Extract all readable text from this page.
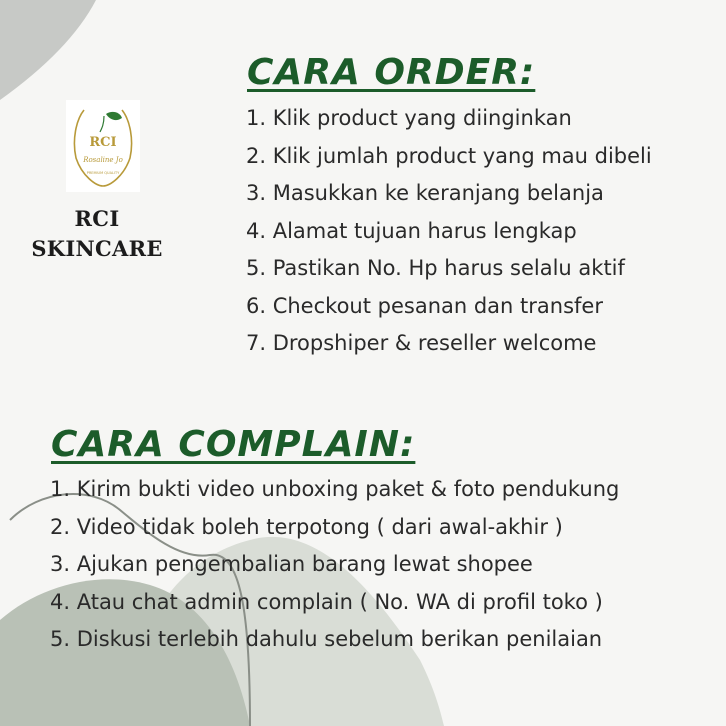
RCI
Rosaline Jo
PREMIUM QUALITY
RCI
SKINCARE
CARA ORDER:
1. Klik product yang diinginkan
2. Klik jumlah product yang mau dibeli
3. Masukkan ke keranjang belanja
4. Alamat tujuan harus lengkap
5. Pastikan No. Hp harus selalu aktif
6. Checkout pesanan dan transfer
7. Dropshiper & reseller welcome
CARA COMPLAIN:
1. Kirim bukti video unboxing paket & foto pendukung
2. Video tidak boleh terpotong ( dari awal-akhir )
3. Ajukan pengembalian barang lewat shopee
4. Atau chat admin complain ( No. WA di profil toko )
5. Diskusi terlebih dahulu sebelum berikan penilaian
